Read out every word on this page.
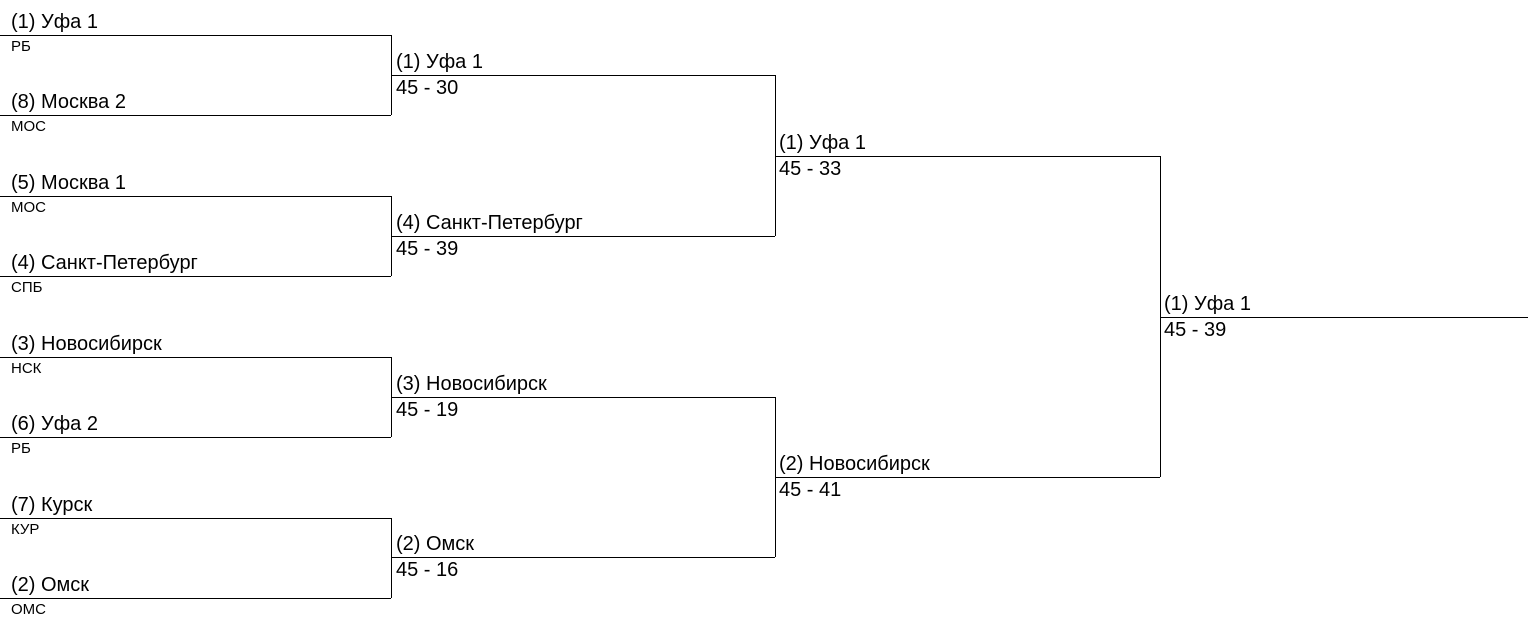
(1) Уфа 1
РБ
(8) Москва 2
МОС
(5) Москва 1
МОС
(4) Санкт-Петербург
СПБ
(3) Новосибирск
НСК
(6) Уфа 2
РБ
(7) Курск
КУР
(2) Омск
ОМС
(1) Уфа 1
45 - 30
(4) Санкт-Петербург
45 - 39
(3) Новосибирск
45 - 19
(2) Омск
45 - 16
(1) Уфа 1
45 - 33
(2) Новосибирск
45 - 41
(1) Уфа 1
45 - 39
